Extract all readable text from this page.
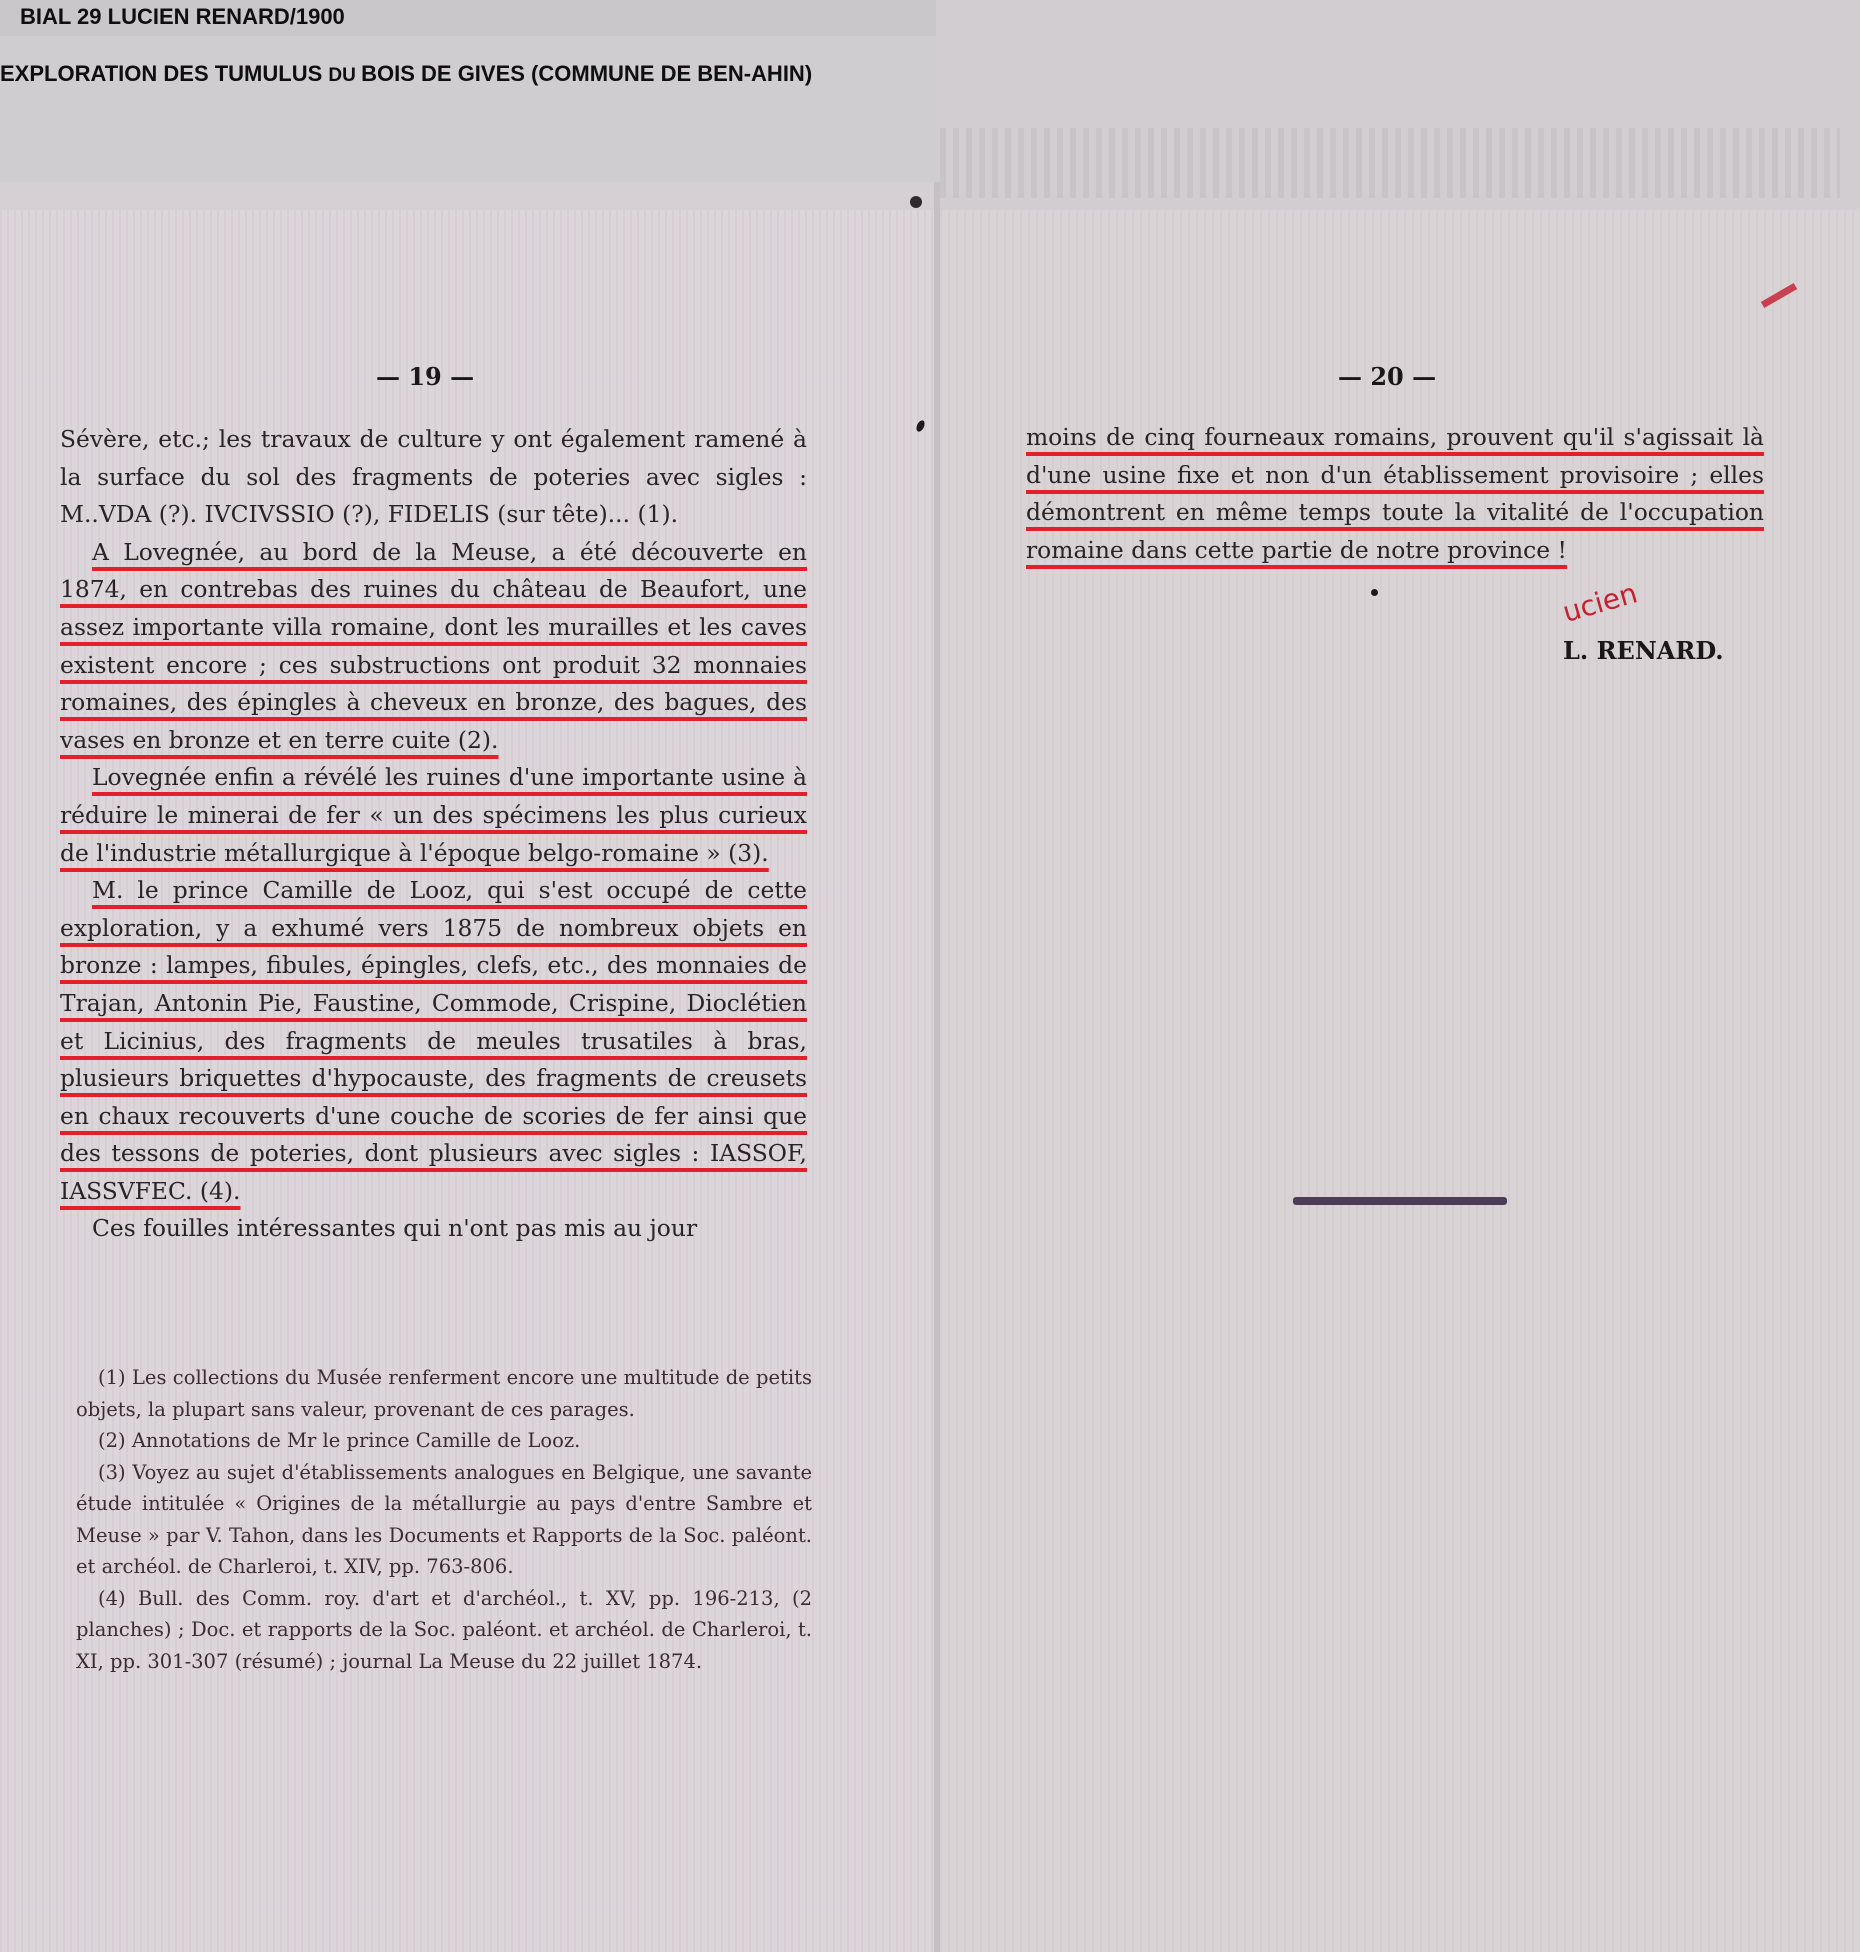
BIAL 29 LUCIEN RENARD/1900
EXPLORATION DES TUMULUS DU BOIS DE GIVES (COMMUNE DE BEN-AHIN)
— 19 —

Sévère, etc.; les travaux de culture y ont également ramené à la surface du sol des fragments de poteries avec sigles : M..VDA (?). IVCIVSSIO (?), FIDELIS (sur tête)... (1).

A Lovegnée, au bord de la Meuse, a été découverte en 1874, en contrebas des ruines du château de Beaufort, une assez importante villa romaine, dont les murailles et les caves existent encore ; ces substructions ont produit 32 monnaies romaines, des épingles à cheveux en bronze, des bagues, des vases en bronze et en terre cuite (2).

Lovegnée enfin a révélé les ruines d'une importante usine à réduire le minerai de fer « un des spécimens les plus curieux de l'industrie métallurgique à l'époque belgo-romaine » (3).

M. le prince Camille de Looz, qui s'est occupé de cette exploration, y a exhumé vers 1875 de nombreux objets en bronze : lampes, fibules, épingles, clefs, etc., des monnaies de Trajan, Antonin Pie, Faustine, Commode, Crispine, Dioclétien et Licinius, des fragments de meules trusatiles à bras, plusieurs briquettes d'hypocauste, des fragments de creusets en chaux recouverts d'une couche de scories de fer ainsi que des tessons de poteries, dont plusieurs avec sigles : IASSOF, IASSVFEC. (4).

Ces fouilles intéressantes qui n'ont pas mis au jour

(1) Les collections du Musée renferment encore une multitude de petits objets, la plupart sans valeur, provenant de ces parages.

(2) Annotations de Mr le prince Camille de Looz.

(3) Voyez au sujet d'établissements analogues en Belgique, une savante étude intitulée « Origines de la métallurgie au pays d'entre Sambre et Meuse » par V. Tahon, dans les Documents et Rapports de la Soc. paléont. et archéol. de Charleroi, t. XIV, pp. 763-806.

(4) Bull. des Comm. roy. d'art et d'archéol., t. XV, pp. 196-213, (2 planches) ; Doc. et rapports de la Soc. paléont. et archéol. de Charleroi, t. XI, pp. 301-307 (résumé) ; journal La Meuse du 22 juillet 1874.

— 20 —

moins de cinq fourneaux romains, prouvent qu'il s'agissait là d'une usine fixe et non d'un établissement provisoire ; elles démontrent en même temps toute la vitalité de l'occupation romaine dans cette partie de notre province !

ucien
L. RENARD.
